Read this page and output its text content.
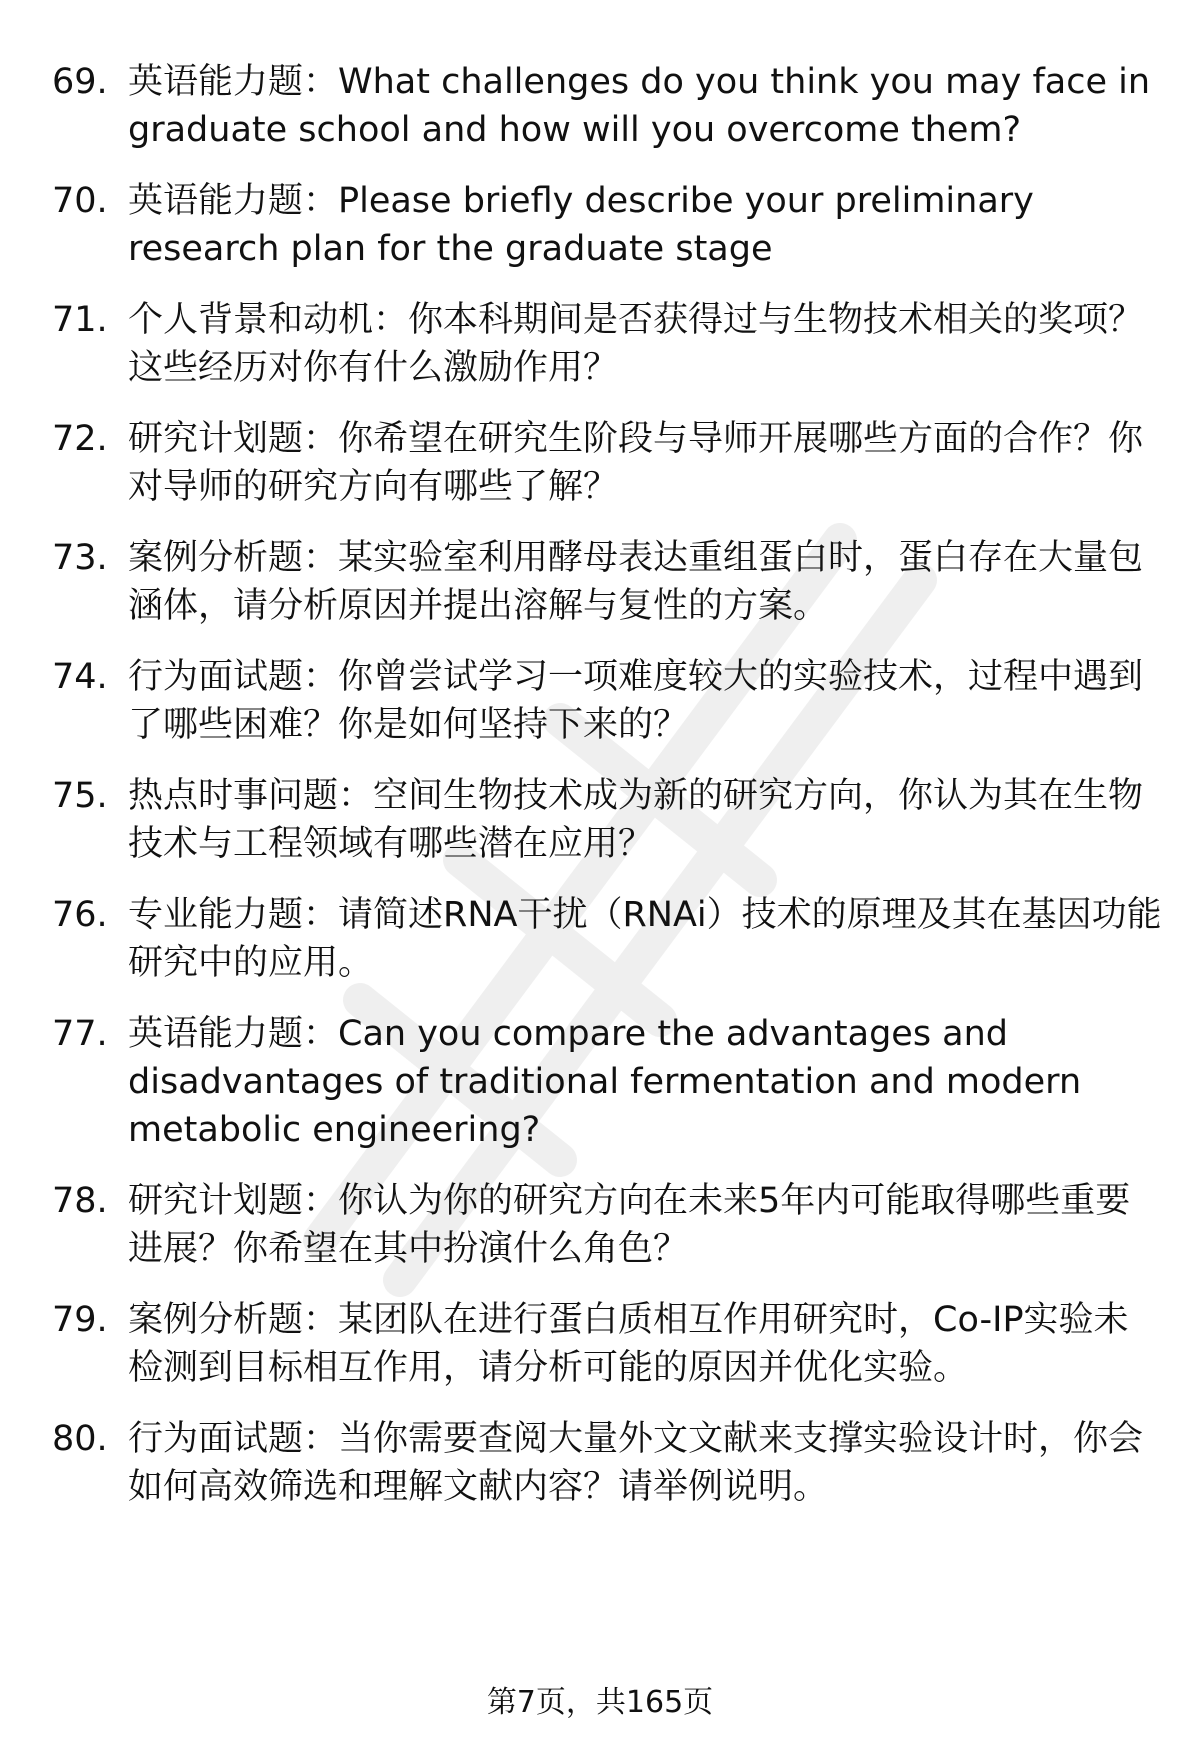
69. 英语能力题：What challenges do you think you may face in graduate school and how will you overcome them?
70. 英语能力题：Please briefly describe your preliminary research plan for the graduate stage
71. 个人背景和动机：你本科期间是否获得过与生物技术相关的奖项？这些经历对你有什么激励作用？
72. 研究计划题：你希望在研究生阶段与导师开展哪些方面的合作？你对导师的研究方向有哪些了解？
73. 案例分析题：某实验室利用酵母表达重组蛋白时，蛋白存在大量包涵体，请分析原因并提出溶解与复性的方案。
74. 行为面试题：你曾尝试学习一项难度较大的实验技术，过程中遇到了哪些困难？你是如何坚持下来的？
75. 热点时事问题：空间生物技术成为新的研究方向，你认为其在生物技术与工程领域有哪些潜在应用？
76. 专业能力题：请简述RNA干扰（RNAi）技术的原理及其在基因功能研究中的应用。
77. 英语能力题：Can you compare the advantages and disadvantages of traditional fermentation and modern metabolic engineering?
78. 研究计划题：你认为你的研究方向在未来5年内可能取得哪些重要进展？你希望在其中扮演什么角色？
79. 案例分析题：某团队在进行蛋白质相互作用研究时，Co-IP实验未检测到目标相互作用，请分析可能的原因并优化实验。
80. 行为面试题：当你需要查阅大量外文文献来支撑实验设计时，你会如何高效筛选和理解文献内容？请举例说明。
第7页，共165页
